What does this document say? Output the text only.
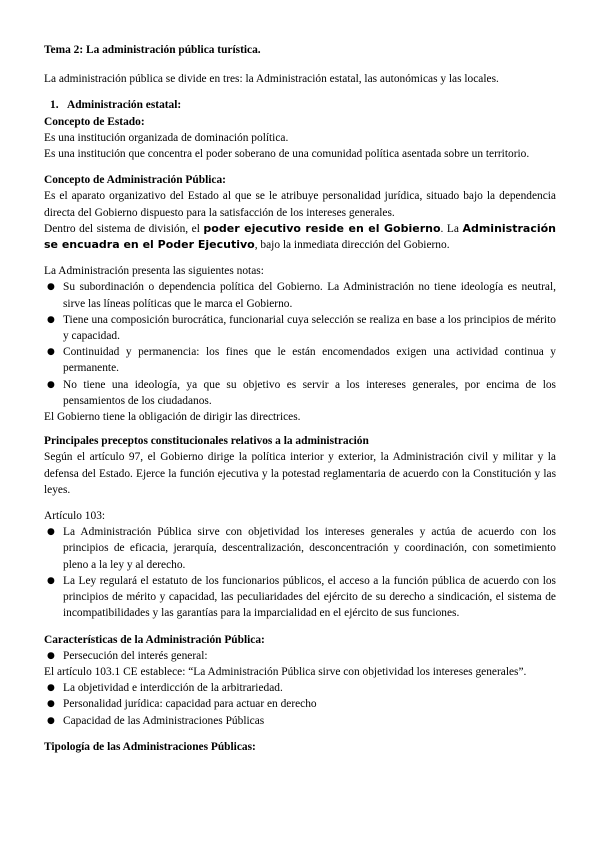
Tema 2: La administración pública turística.

La administración pública se divide en tres: la Administración estatal, las autonómicas y las locales.

1. Administración estatal:

Concepto de Estado:

Es una institución organizada de dominación política.

Es una institución que concentra el poder soberano de una comunidad política asentada sobre un territorio.

Concepto de Administración Pública:

Es el aparato organizativo del Estado al que se le atribuye personalidad jurídica, situado bajo la dependencia directa del Gobierno dispuesto para la satisfacción de los intereses generales.

Dentro del sistema de división, el poder ejecutivo reside en el Gobierno. La Administración se encuadra en el Poder Ejecutivo, bajo la inmediata dirección del Gobierno.

La Administración presenta las siguientes notas:

● Su subordinación o dependencia política del Gobierno. La Administración no tiene ideología es neutral, sirve las líneas políticas que le marca el Gobierno.
● Tiene una composición burocrática, funcionarial cuya selección se realiza en base a los principios de mérito y capacidad.
● Continuidad y permanencia: los fines que le están encomendados exigen una actividad continua y permanente.
● No tiene una ideología, ya que su objetivo es servir a los intereses generales, por encima de los pensamientos de los ciudadanos.

El Gobierno tiene la obligación de dirigir las directrices.

Principales preceptos constitucionales relativos a la administración

Según el artículo 97, el Gobierno dirige la política interior y exterior, la Administración civil y militar y la defensa del Estado. Ejerce la función ejecutiva y la potestad reglamentaria de acuerdo con la Constitución y las leyes.

Artículo 103:

● La Administración Pública sirve con objetividad los intereses generales y actúa de acuerdo con los principios de eficacia, jerarquía, descentralización, desconcentración y coordinación, con sometimiento pleno a la ley y al derecho.
● La Ley regulará el estatuto de los funcionarios públicos, el acceso a la función pública de acuerdo con los principios de mérito y capacidad, las peculiaridades del ejército de su derecho a sindicación, el sistema de incompatibilidades y las garantías para la imparcialidad en el ejército de sus funciones.

Características de la Administración Pública:

● Persecución del interés general:

El artículo 103.1 CE establece: “La Administración Pública sirve con objetividad los intereses generales”.

● La objetividad e interdicción de la arbitrariedad.
● Personalidad jurídica: capacidad para actuar en derecho
● Capacidad de las Administraciones Públicas

Tipología de las Administraciones Públicas:
